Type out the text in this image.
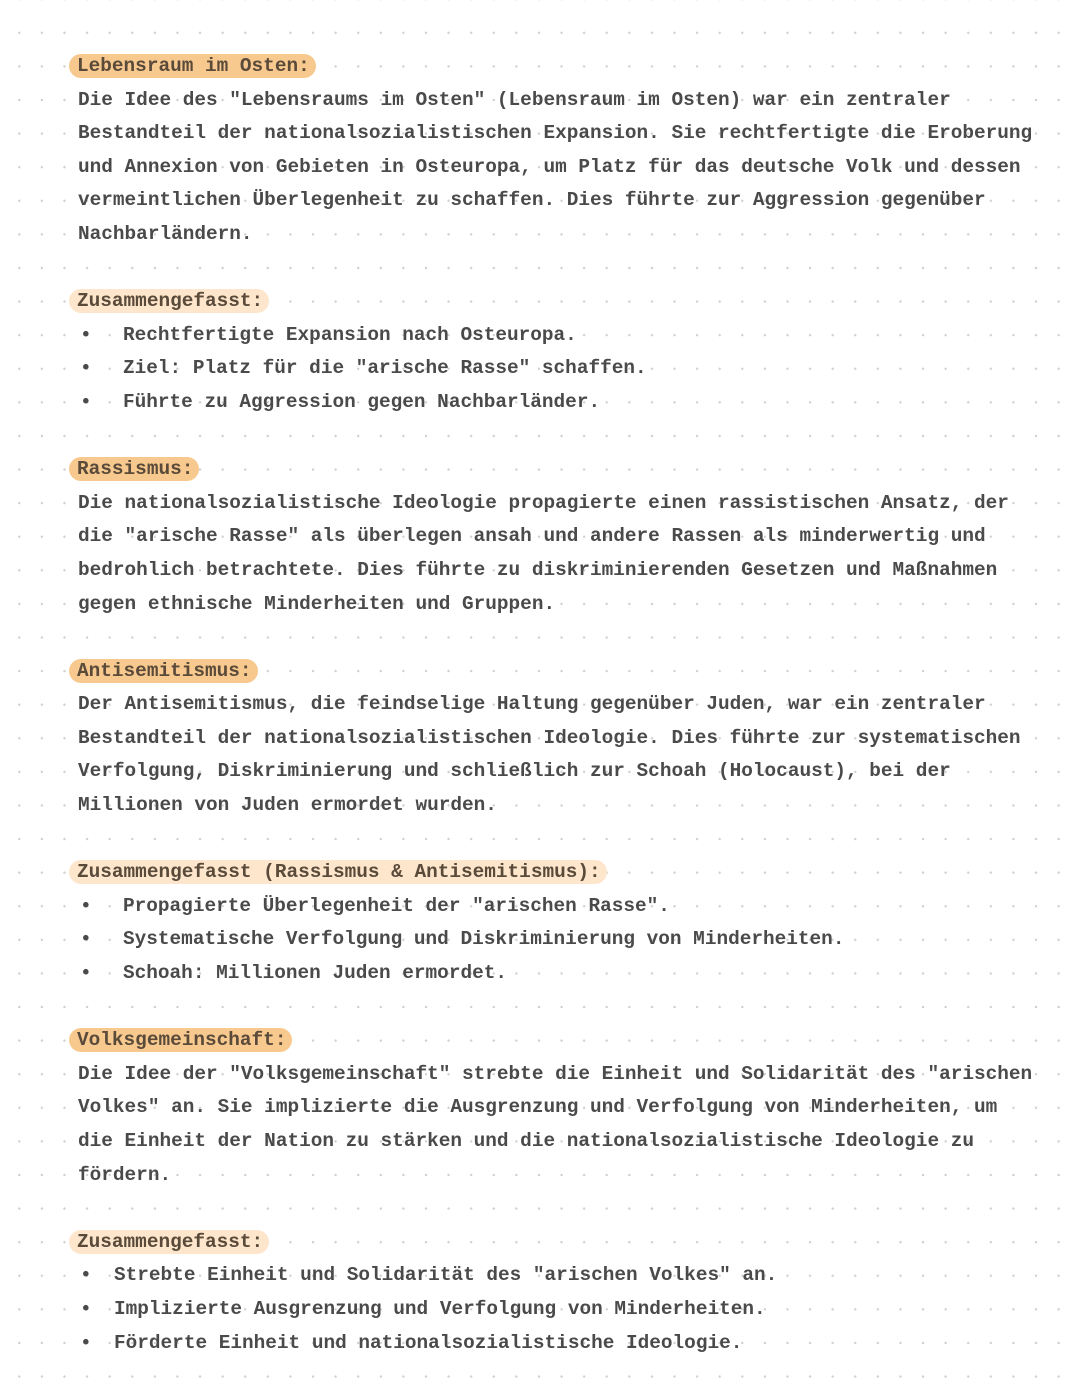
Lebensraum im Osten:
Die Idee des "Lebensraums im Osten" (Lebensraum im Osten) war ein zentraler
Bestandteil der nationalsozialistischen Expansion. Sie rechtfertigte die Eroberung
und Annexion von Gebieten in Osteuropa, um Platz für das deutsche Volk und dessen
vermeintlichen Überlegenheit zu schaffen. Dies führte zur Aggression gegenüber
Nachbarländern.
Zusammengefasst:
• Rechtfertigte Expansion nach Osteuropa.
• Ziel: Platz für die "arische Rasse" schaffen.
• Führte zu Aggression gegen Nachbarländer.
Rassismus:
Die nationalsozialistische Ideologie propagierte einen rassistischen Ansatz, der
die "arische Rasse" als überlegen ansah und andere Rassen als minderwertig und
bedrohlich betrachtete. Dies führte zu diskriminierenden Gesetzen und Maßnahmen
gegen ethnische Minderheiten und Gruppen.
Antisemitismus:
Der Antisemitismus, die feindselige Haltung gegenüber Juden, war ein zentraler
Bestandteil der nationalsozialistischen Ideologie. Dies führte zur systematischen
Verfolgung, Diskriminierung und schließlich zur Schoah (Holocaust), bei der
Millionen von Juden ermordet wurden.
Zusammengefasst (Rassismus & Antisemitismus):
• Propagierte Überlegenheit der "arischen Rasse".
• Systematische Verfolgung und Diskriminierung von Minderheiten.
• Schoah: Millionen Juden ermordet.
Volksgemeinschaft:
Die Idee der "Volksgemeinschaft" strebte die Einheit und Solidarität des "arischen
Volkes" an. Sie implizierte die Ausgrenzung und Verfolgung von Minderheiten, um
die Einheit der Nation zu stärken und die nationalsozialistische Ideologie zu
fördern.
Zusammengefasst:
• Strebte Einheit und Solidarität des "arischen Volkes" an.
• Implizierte Ausgrenzung und Verfolgung von Minderheiten.
• Förderte Einheit und nationalsozialistische Ideologie.
